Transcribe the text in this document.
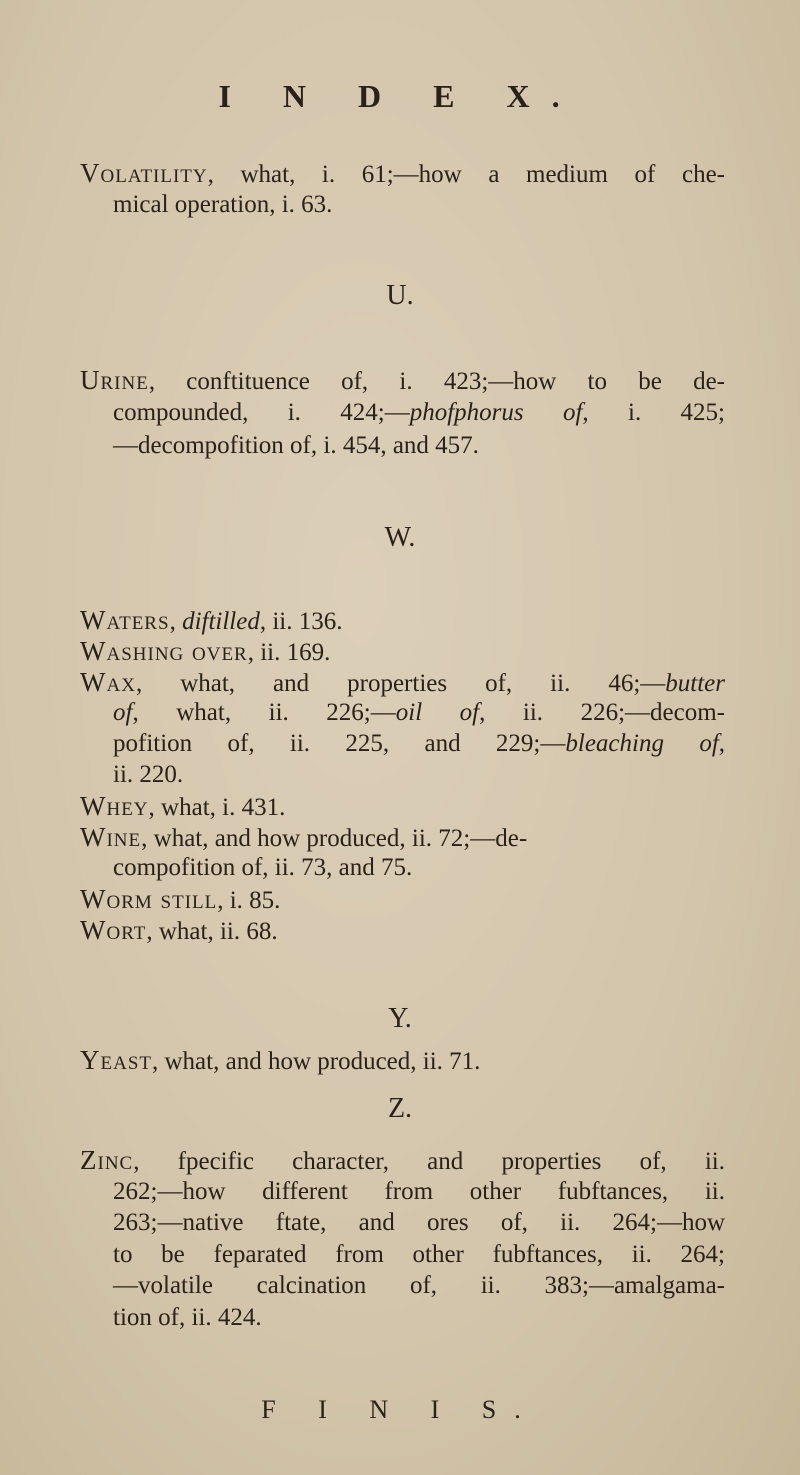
I N D E X.
Volatility, what, i. 61;—how a medium of che-
mical operation, i. 63.
U.
Urine, conftituence of, i. 423;—how to be de-
compounded, i. 424;—phofphorus of, i. 425;
—decompofition of, i. 454, and 457.
W.
Waters, diftilled, ii. 136.
Washing over, ii. 169.
Wax, what, and properties of, ii. 46;—butter
of, what, ii. 226;—oil of, ii. 226;—decom-
pofition of, ii. 225, and 229;—bleaching of,
ii. 220.
Whey, what, i. 431.
Wine, what, and how produced, ii. 72;—de-
compofition of, ii. 73, and 75.
Worm still, i. 85.
Wort, what, ii. 68.
Y.
Yeast, what, and how produced, ii. 71.
Z.
Zinc, fpecific character, and properties of, ii.
262;—how different from other fubftances, ii.
263;—native ftate, and ores of, ii. 264;—how
to be feparated from other fubftances, ii. 264;
—volatile calcination of, ii. 383;—amalgama-
tion of, ii. 424.
F I N I S.
